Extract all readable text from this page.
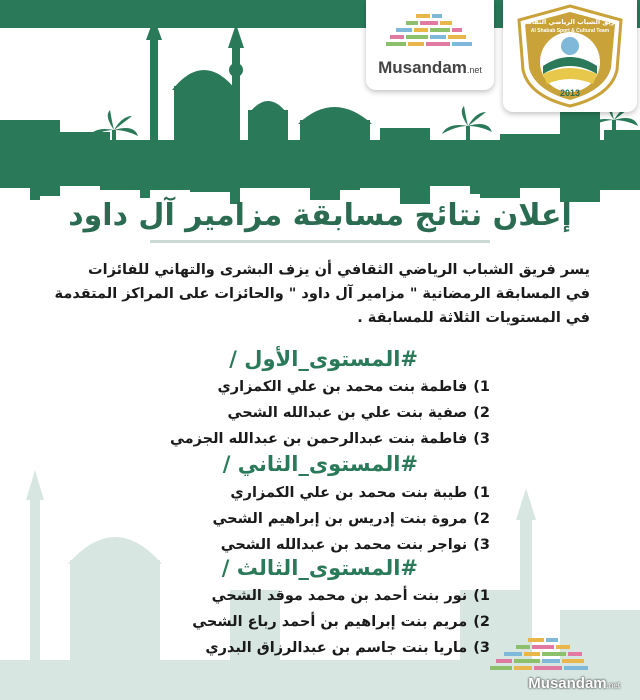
Musandam.net
2013
فريق الشباب الرياضي الثقافي
Al Shabab Sport & Cultural Team
إعلان نتائج مسابقة مزامير آل داود
يسر فريق الشباب الرياضي الثقافي أن يزف البشرى والتهاني للفائزات
في المسابقة الرمضانية " مزامير آل داود " والحائزات على المراكز المتقدمة
في المستويات الثلاثة للمسابقة .
#المستوى_الأول /
1)فاطمة بنت محمد بن علي الكمزاري
2)صفية بنت علي بن عبدالله الشحي
3)فاطمة بنت عبدالرحمن بن عبدالله الجزمي
#المستوى_الثاني /
1)طيبة بنت محمد بن علي الكمزاري
2)مروة بنت إدريس بن إبراهيم الشحي
3)نواجر بنت محمد بن عبدالله الشحي
#المستوى_الثالث /
1)نور بنت أحمد بن محمد موقد الشحي
2)مريم بنت إبراهيم بن أحمد رباع الشحي
3)ماريا بنت جاسم بن عبدالرزاق البدري
Musandam.net
